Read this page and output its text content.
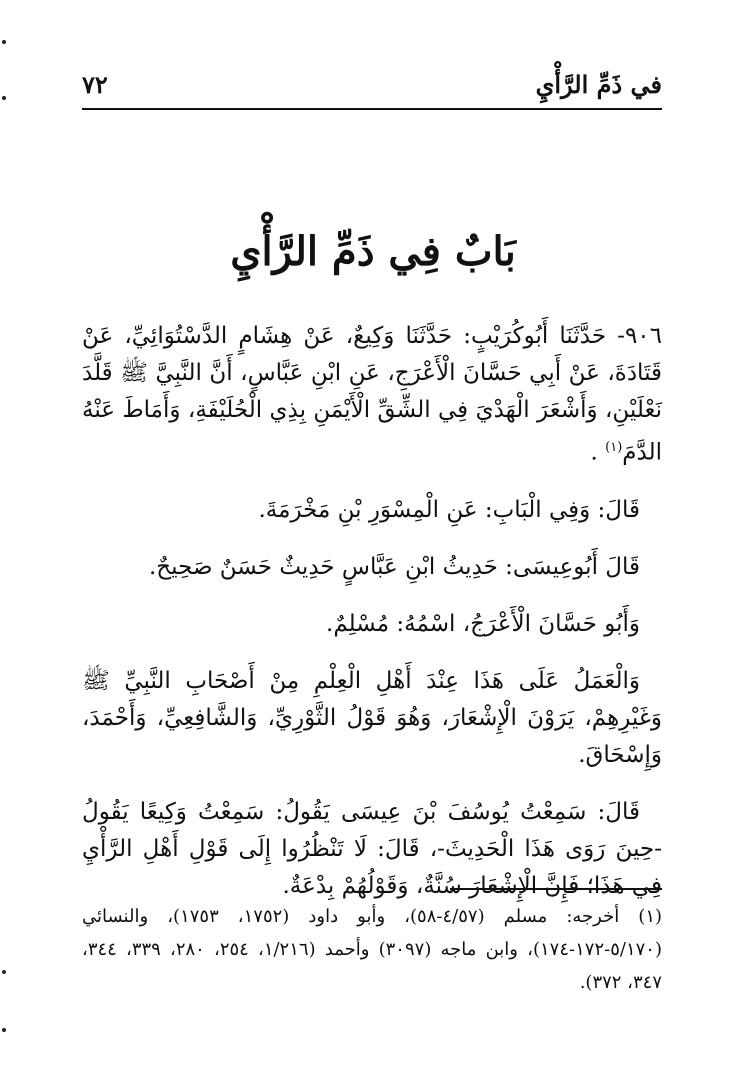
في ذَمِّ الرَّأْيِ
٧٢
بَابٌ فِي ذَمِّ الرَّأْيِ

٩٠٦- حَدَّثَنَا أَبُوكُرَيْبٍ: حَدَّثَنَا وَكِيعٌ، عَنْ هِشَامٍ الدَّسْتُوَائِيِّ، عَنْ قَتَادَةَ، عَنْ أَبِي حَسَّانَ الْأَعْرَجِ، عَنِ ابْنِ عَبَّاسٍ، أَنَّ النَّبِيَّ ﷺ قَلَّدَ نَعْلَيْنِ، وَأَشْعَرَ الْهَدْيَ فِي الشِّقِّ الْأَيْمَنِ بِذِي الْحُلَيْفَةِ، وَأَمَاطَ عَنْهُ الدَّمَ$^{(١)}$ .

قَالَ: وَفِي الْبَابِ: عَنِ الْمِسْوَرِ بْنِ مَخْرَمَةَ.

قَالَ أَبُوعِيسَى: حَدِيثُ ابْنِ عَبَّاسٍ حَدِيثٌ حَسَنٌ صَحِيحٌ.

وَأَبُو حَسَّانَ الْأَعْرَجُ، اسْمُهُ: مُسْلِمٌ.

وَالْعَمَلُ عَلَى هَذَا عِنْدَ أَهْلِ الْعِلْمِ مِنْ أَصْحَابِ النَّبِيِّ ﷺ وَغَيْرِهِمْ، يَرَوْنَ الْإِشْعَارَ، وَهُوَ قَوْلُ الثَّوْرِيِّ، وَالشَّافِعِيِّ، وَأَحْمَدَ، وَإِسْحَاقَ.

قَالَ: سَمِعْتُ يُوسُفَ بْنَ عِيسَى يَقُولُ: سَمِعْتُ وَكِيعًا يَقُولُ -حِينَ رَوَى هَذَا الْحَدِيثَ-، قَالَ: لَا تَنْظُرُوا إِلَى قَوْلِ أَهْلِ الرَّأْيِ فِي هَذَا؛ فَإِنَّ الْإِشْعَارَ سُنَّةٌ، وَقَوْلُهُمْ بِدْعَةٌ.

(١) أخرجه: مسلم (٤/٥٧-٥٨)، وأبو داود (١٧٥٢، ١٧٥٣)، والنسائي (٥/١٧٠-١٧٢-١٧٤)، وابن ماجه (٣٠٩٧) وأحمد (١/٢١٦، ٢٥٤، ٢٨٠، ٣٣٩، ٣٤٤، ٣٤٧، ٣٧٢).
